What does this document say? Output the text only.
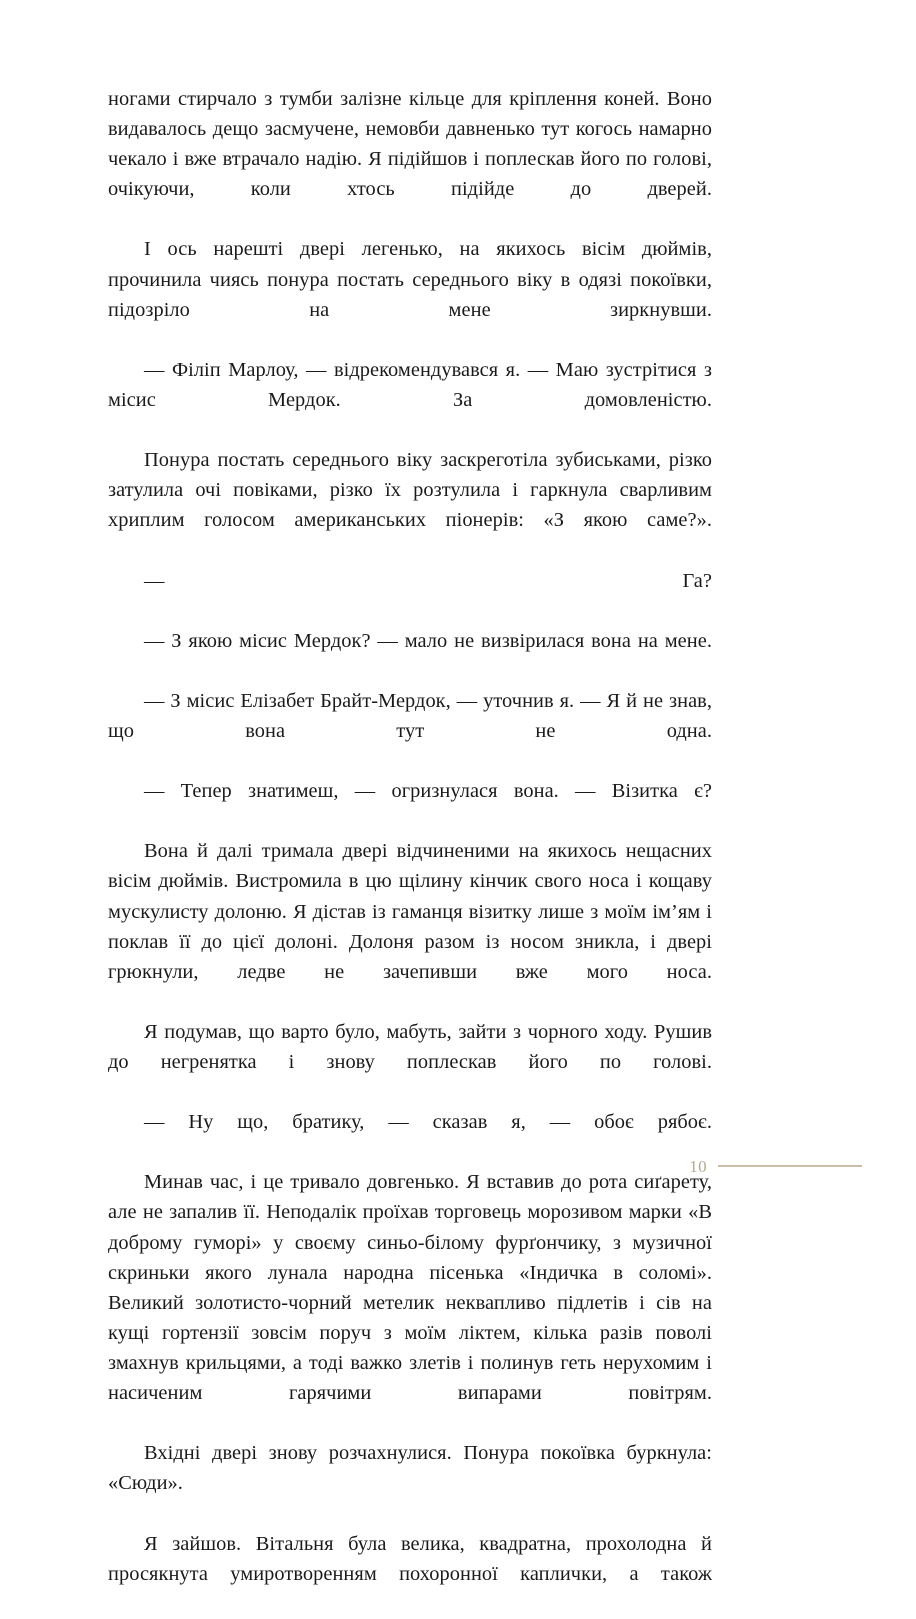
ногами стирчало з тумби залізне кільце для кріплення коней. Воно видавалось дещо засмучене, немовби давненько тут когось намарно чекало і вже втрачало надію. Я підійшов і поплескав його по голові, очікуючи, коли хтось підійде до дверей.

І ось нарешті двері легенько, на якихось вісім дюймів, прочинила чиясь понура постать середнього віку в одязі покоївки, підозріло на мене зиркнувши.

— Філіп Марлоу, — відрекомендувався я. — Маю зустрітися з місис Мердок. За домовленістю.

Понура постать середнього віку заскреготіла зубиськами, різко затулила очі повіками, різко їх розтулила і гаркнула сварливим хриплим голосом американських піонерів: «З якою саме?».

— Га?

— З якою місис Мердок? — мало не визвірилася вона на мене.

— З місис Елізабет Брайт-Мердок, — уточнив я. — Я й не знав, що вона тут не одна.

— Тепер знатимеш, — огризнулася вона. — Візитка є?

Вона й далі тримала двері відчиненими на якихось нещасних вісім дюймів. Вистромила в цю щілину кінчик свого носа і кощаву мускулисту долоню. Я дістав із гаманця візитку лише з моїм ім’ям і поклав її до цієї долоні. Долоня разом із носом зникла, і двері грюкнули, ледве не зачепивши вже мого носа.

Я подумав, що варто було, мабуть, зайти з чорного ходу. Рушив до негренятка і знову поплескав його по голові.

— Ну що, братику, — сказав я, — обоє рябоє.

Минав час, і це тривало довгенько. Я вставив до рота сиґарету, але не запалив її. Неподалік проїхав торговець морозивом марки «В доброму гуморі» у своєму синьо-білому фурґончику, з музичної скриньки якого лунала народна пісенька «Індичка в соломі». Великий золотисто-чорний метелик неквапливо підлетів і сів на кущі гортензії зовсім поруч з моїм ліктем, кілька разів поволі змахнув крильцями, а тоді важко злетів і полинув геть нерухомим і насиченим гарячими випарами повітрям.

Вхідні двері знову розчахнулися. Понура покоївка буркнула: «Сюди».

Я зайшов. Вітальня була велика, квадратна, прохолодна й просякнута умиротворенням похоронної каплички, а також

10
